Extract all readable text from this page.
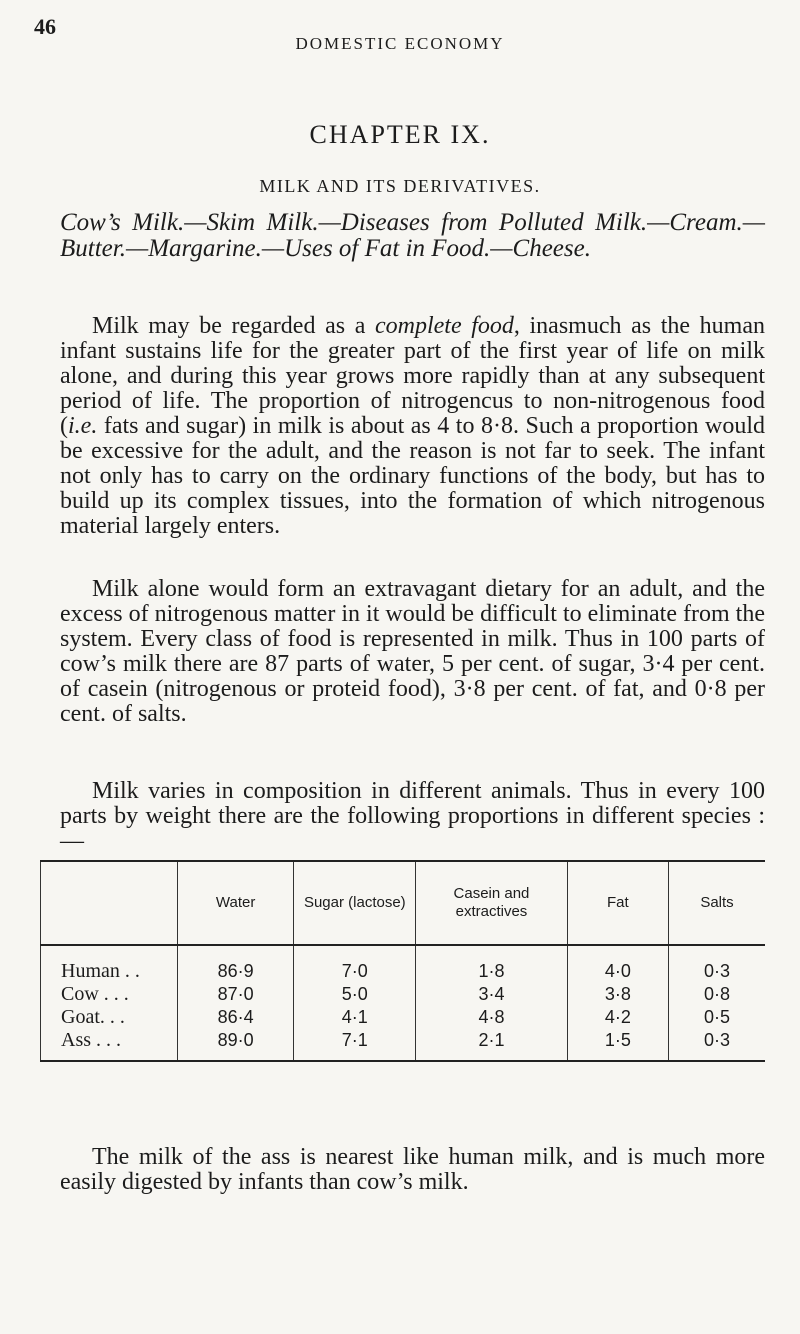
46
DOMESTIC ECONOMY
CHAPTER IX.
MILK AND ITS DERIVATIVES.
Cow’s Milk.—Skim Milk.—Diseases from Polluted Milk.—Cream.—Butter.—Margarine.—Uses of Fat in Food.—Cheese.

Milk may be regarded as a complete food, inasmuch as the human infant sustains life for the greater part of the first year of life on milk alone, and during this year grows more rapidly than at any subsequent period of life. The proportion of nitrogencus to non-nitrogenous food (i.e. fats and sugar) in milk is about as 4 to 8·8. Such a proportion would be excessive for the adult, and the reason is not far to seek. The infant not only has to carry on the ordinary functions of the body, but has to build up its complex tissues, into the formation of which nitrogenous material largely enters.

Milk alone would form an extravagant dietary for an adult, and the excess of nitrogenous matter in it would be difficult to eliminate from the system. Every class of food is represented in milk. Thus in 100 parts of cow’s milk there are 87 parts of water, 5 per cent. of sugar, 3·4 per cent. of casein (nitrogenous or proteid food), 3·8 per cent. of fat, and 0·8 per cent. of salts.

Milk varies in composition in different animals. Thus in every 100 parts by weight there are the following proportions in different species :—

	Water	Sugar (lactose)	Casein and extractives	Fat	Salts
Human . .	86·9	7·0	1·8	4·0	0·3
Cow . . .	87·0	5·0	3·4	3·8	0·8
Goat. . .	86·4	4·1	4·8	4·2	0·5
Ass . . .	89·0	7·1	2·1	1·5	0·3

The milk of the ass is nearest like human milk, and is much more easily digested by infants than cow’s milk.
